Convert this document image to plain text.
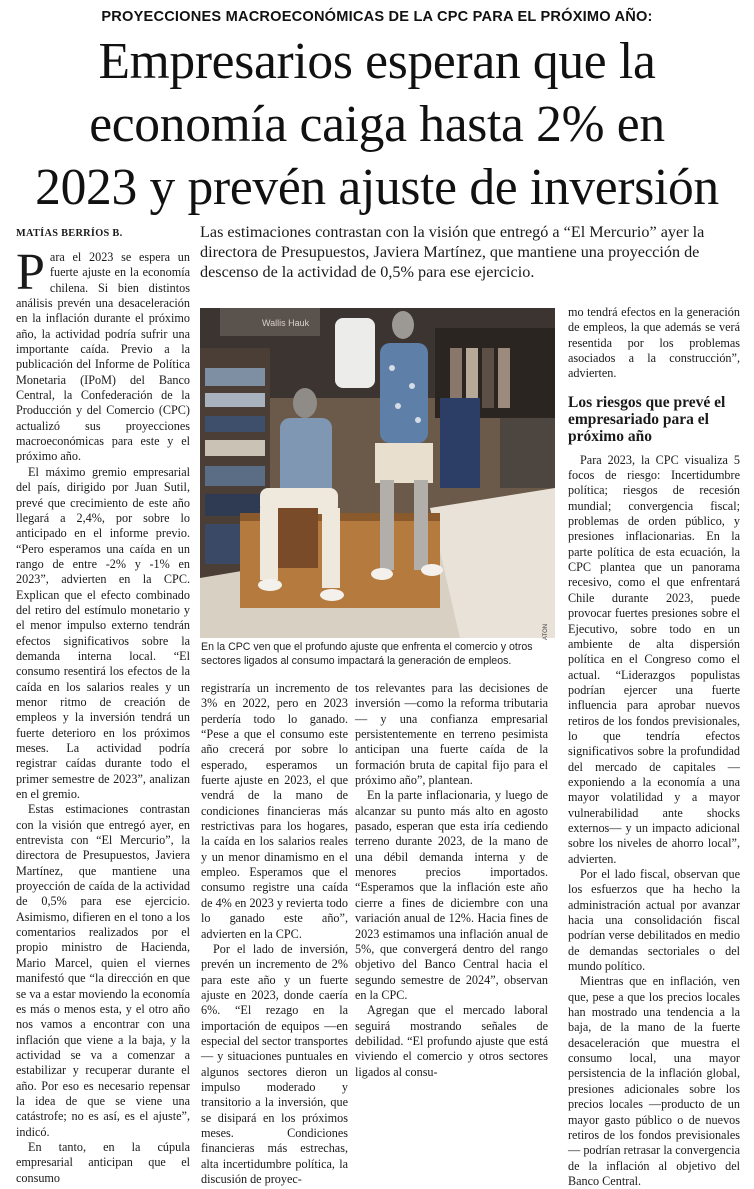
PROYECCIONES MACROECONÓMICAS DE LA CPC PARA EL PRÓXIMO AÑO:
Empresarios esperan que la
economía caiga hasta 2% en
2023 y prevén ajuste de inversión
MATÍAS BERRÍOS B.	Las estimaciones contrastan con la visión que entregó a “El Mercurio” ayer la directora de Presupuestos, Javiera Martínez, que mantiene una proyección de descenso de la actividad de 0,5% para ese ejercicio.

Para el 2023 se espera un fuerte ajuste en la economía chilena. Si bien distintos análisis prevén una desaceleración en la inflación durante el próximo año, la actividad podría sufrir una importante caída. Previo a la publicación del Informe de Política Monetaria (IPoM) del Banco Central, la Confederación de la Producción y del Comercio (CPC) actualizó sus proyecciones macroeconómicas para este y el próximo año.

El máximo gremio empresarial del país, dirigido por Juan Sutil, prevé que crecimiento de este año llegará a 2,4%, por sobre lo anticipado en el informe previo. “Pero esperamos una caída en un rango de entre -2% y -1% en 2023”, advierten en la CPC. Explican que el efecto combinado del retiro del estímulo monetario y el menor impulso externo tendrán efectos significativos sobre la demanda interna local. “El consumo resentirá los efectos de la caída en los salarios reales y un menor ritmo de creación de empleos y la inversión tendrá un fuerte deterioro en los próximos meses. La actividad podría registrar caídas durante todo el primer semestre de 2023”, analizan en el gremio.

Estas estimaciones contrastan con la visión que entregó ayer, en entrevista con “El Mercurio”, la directora de Presupuestos, Javiera Martínez, que mantiene una proyección de caída de la actividad de 0,5% para ese ejercicio. Asimismo, difieren en el tono a los comentarios realizados por el propio ministro de Hacienda, Mario Marcel, quien el viernes manifestó que “la dirección en que se va a estar moviendo la economía es más o menos esta, y el otro año nos vamos a encontrar con una inflación que viene a la baja, y la actividad se va a comenzar a estabilizar y recuperar durante el año. Por eso es necesario repensar la idea de que se viene una catástrofe; no es así, es el ajuste”, indicó.

En tanto, en la cúpula empresarial anticipan que el consumo

Wallis Hauk
ATON
En la CPC ven que el profundo ajuste que enfrenta el comercio y otros sectores ligados al consumo impactará la generación de empleos.

registraría un incremento de 3% en 2022, pero en 2023 perdería todo lo ganado. “Pese a que el consumo este año crecerá por sobre lo esperado, esperamos un fuerte ajuste en 2023, el que vendrá de la mano de condiciones financieras más restrictivas para los hogares, la caída en los salarios reales y un menor dinamismo en el empleo. Esperamos que el consumo registre una caída de 4% en 2023 y revierta todo lo ganado este año”, advierten en la CPC.

Por el lado de inversión, prevén un incremento de 2% para este año y un fuerte ajuste en 2023, donde caería 6%. “El rezago en la importación de equipos —en especial del sector transportes— y situaciones puntuales en algunos sectores dieron un impulso moderado y transitorio a la inversión, que se disipará en los próximos meses. Condiciones financieras más estrechas, alta incertidumbre política, la discusión de proyec-

tos relevantes para las decisiones de inversión —como la reforma tributaria— y una confianza empresarial persistentemente en terreno pesimista anticipan una fuerte caída de la formación bruta de capital fijo para el próximo año”, plantean.

En la parte inflacionaria, y luego de alcanzar su punto más alto en agosto pasado, esperan que esta iría cediendo terreno durante 2023, de la mano de una débil demanda interna y de menores precios importados. “Esperamos que la inflación este año cierre a fines de diciembre con una variación anual de 12%. Hacia fines de 2023 estimamos una inflación anual de 5%, que convergerá dentro del rango objetivo del Banco Central hacia el segundo semestre de 2024”, observan en la CPC.

Agregan que el mercado laboral seguirá mostrando señales de debilidad. “El profundo ajuste que está viviendo el comercio y otros sectores ligados al consu-

mo tendrá efectos en la generación de empleos, la que además se verá resentida por los problemas asociados a la construcción”, advierten.

Los riesgos que prevé el empresariado para el próximo año

Para 2023, la CPC visualiza 5 focos de riesgo: Incertidumbre política; riesgos de recesión mundial; convergencia fiscal; problemas de orden público, y presiones inflacionarias. En la parte política de esta ecuación, la CPC plantea que un panorama recesivo, como el que enfrentará Chile durante 2023, puede provocar fuertes presiones sobre el Ejecutivo, sobre todo en un ambiente de alta dispersión política en el Congreso como el actual. “Liderazgos populistas podrían ejercer una fuerte influencia para aprobar nuevos retiros de los fondos previsionales, lo que tendría efectos significativos sobre la profundidad del mercado de capitales —exponiendo a la economía a una mayor volatilidad y a mayor vulnerabilidad ante shocks externos— y un impacto adicional sobre los niveles de ahorro local”, advierten.

Por el lado fiscal, observan que los esfuerzos que ha hecho la administración actual por avanzar hacia una consolidación fiscal podrían verse debilitados en medio de demandas sectoriales o del mundo político.

Mientras que en inflación, ven que, pese a que los precios locales han mostrado una tendencia a la baja, de la mano de la fuerte desaceleración que muestra el consumo local, una mayor persistencia de la inflación global, presiones adicionales sobre los precios locales —producto de un mayor gasto público o de nuevos retiros de los fondos previsionales— podrían retrasar la convergencia de la inflación al objetivo del Banco Central.
